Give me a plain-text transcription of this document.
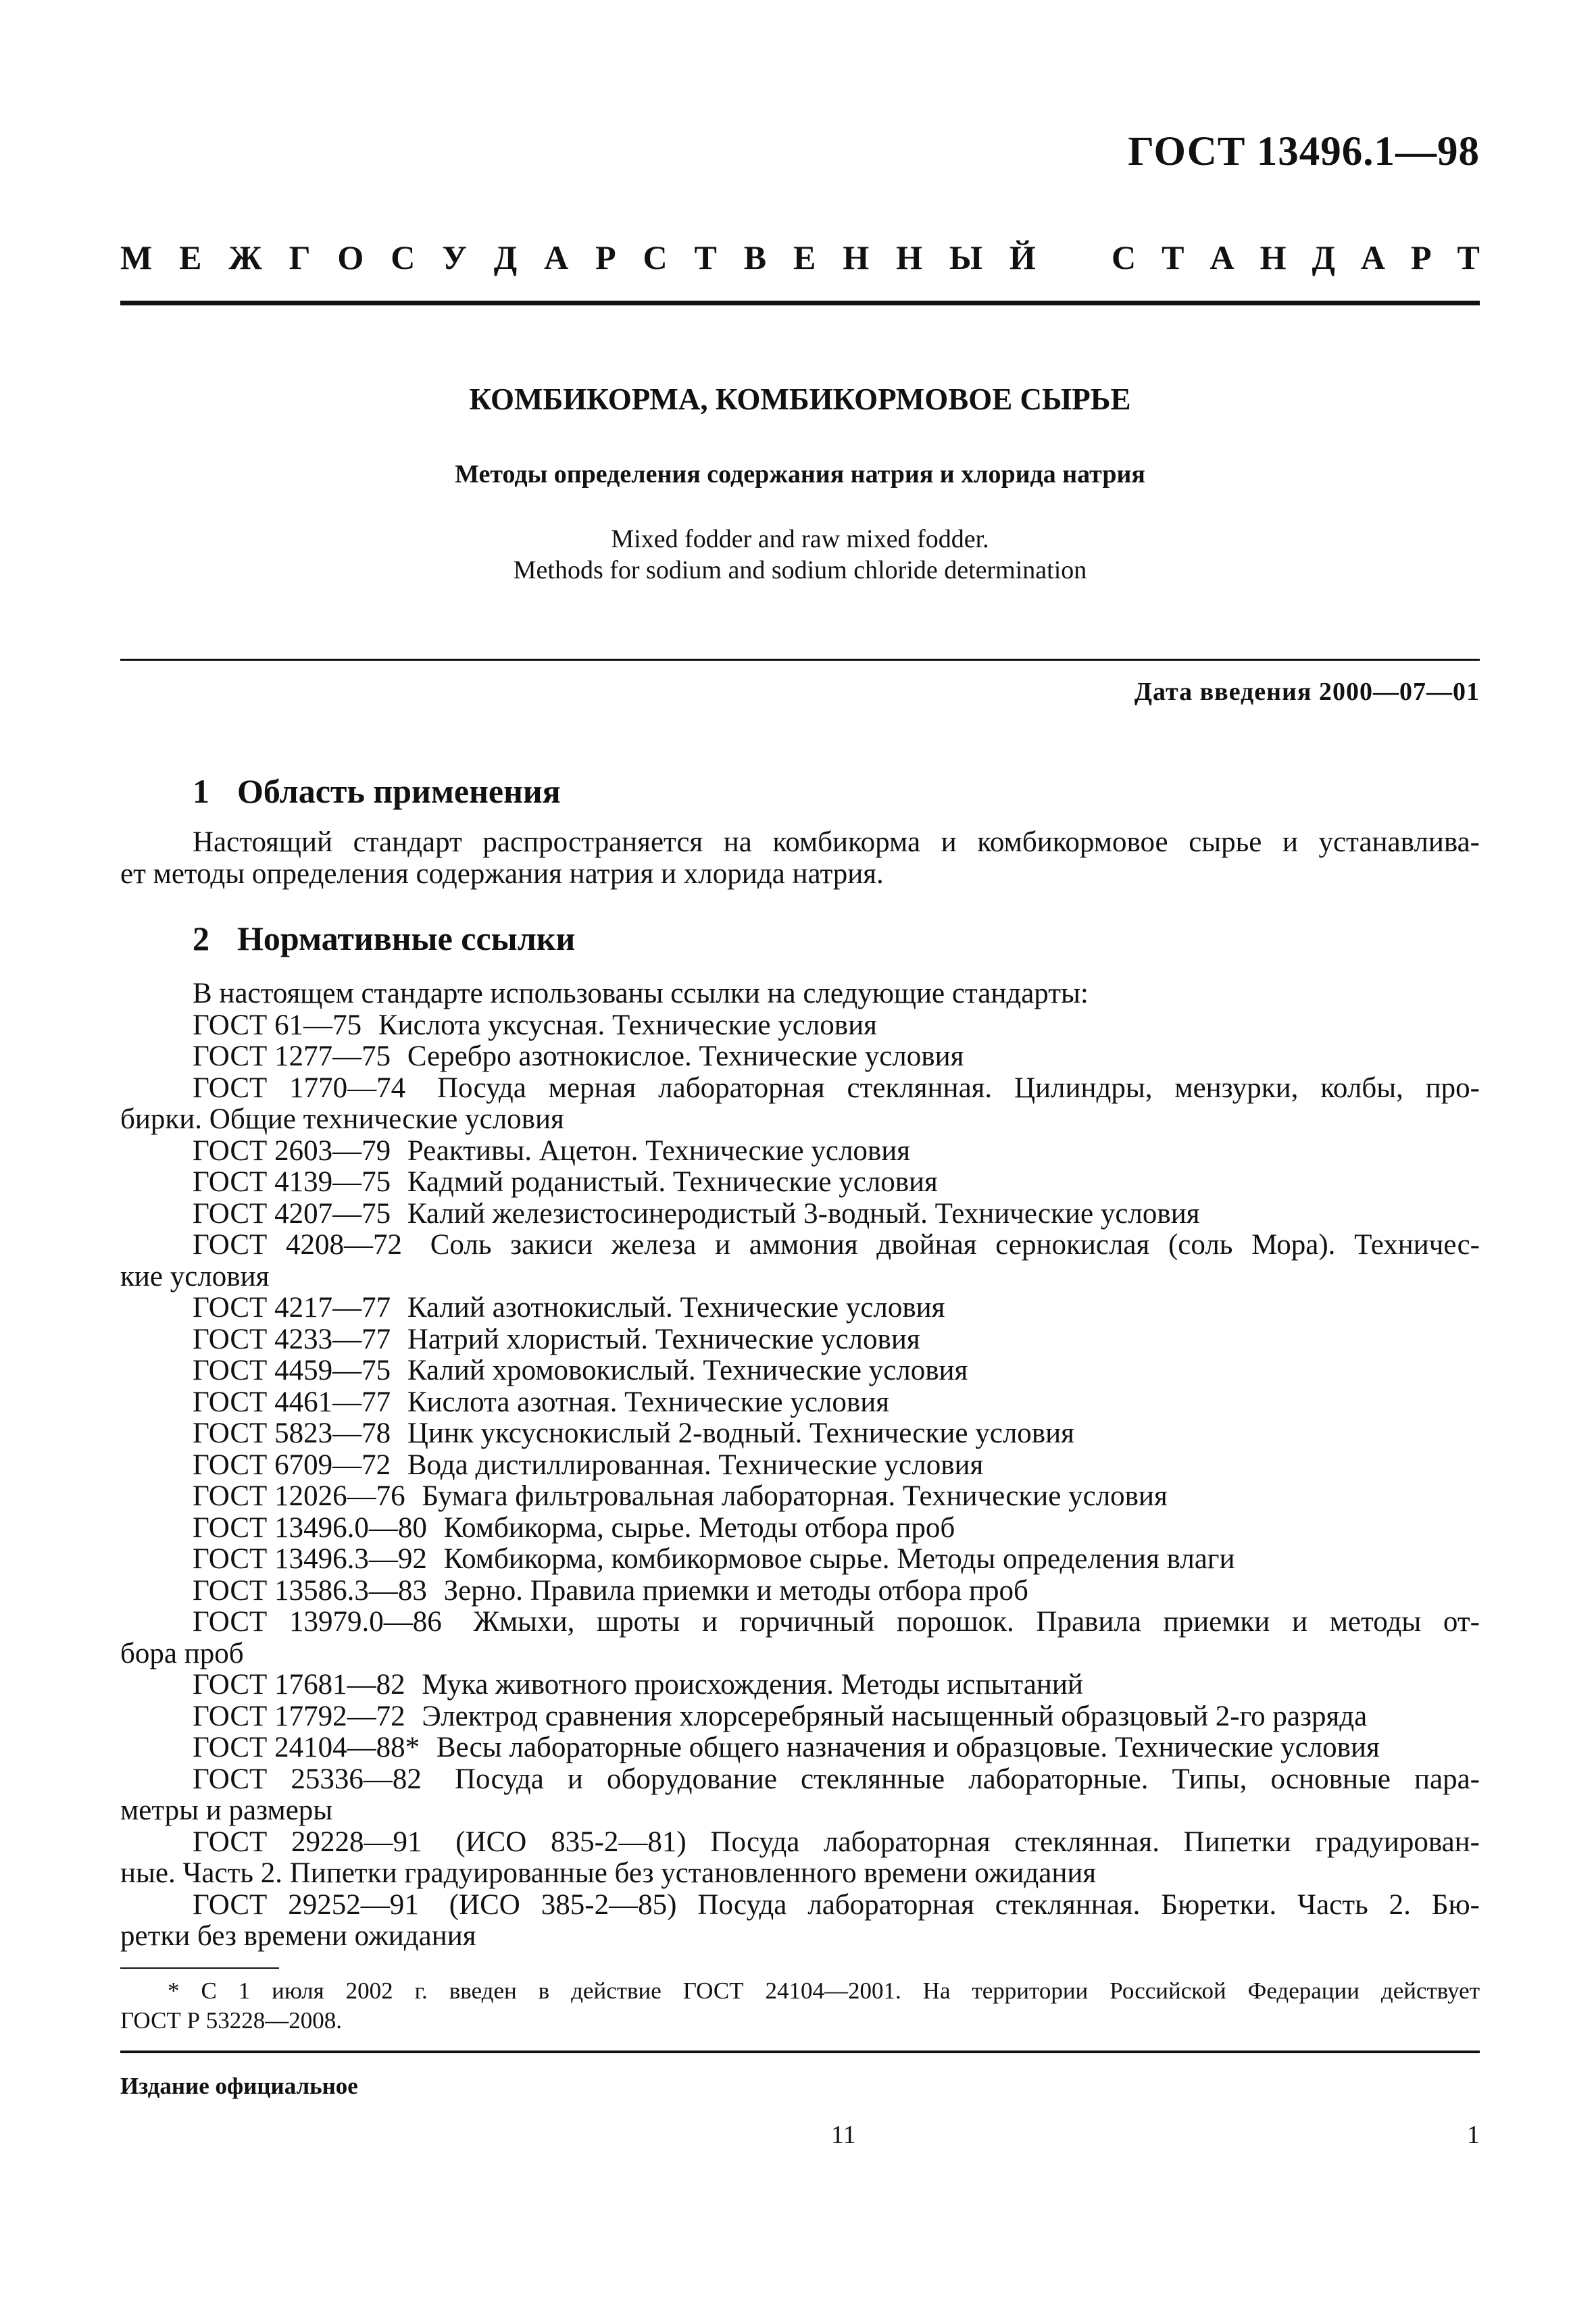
ГОСТ 13496.1—98
М Е Ж Г О С У Д А Р С Т В Е Н Н Ы Й С Т А Н Д А Р Т
КОМБИКОРМА, КОМБИКОРМОВОЕ СЫРЬЕ
Методы определения содержания натрия и хлорида натрия
Mixed fodder and raw mixed fodder.
Methods for sodium and sodium chloride determination
Дата введения 2000—07—01
1 Область применения
Настоящий стандарт распространяется на комбикорма и комбикормовое сырье и устанавлива-
ет методы определения содержания натрия и хлорида натрия.
2 Нормативные ссылки
В настоящем стандарте использованы ссылки на следующие стандарты:
ГОСТ 61—75 Кислота уксусная. Технические условия
ГОСТ 1277—75 Серебро азотнокислое. Технические условия
ГОСТ 1770—74 Посуда мерная лабораторная стеклянная. Цилиндры, мензурки, колбы, про-
бирки. Общие технические условия
ГОСТ 2603—79 Реактивы. Ацетон. Технические условия
ГОСТ 4139—75 Кадмий роданистый. Технические условия
ГОСТ 4207—75 Калий железистосинеродистый 3-водный. Технические условия
ГОСТ 4208—72 Соль закиси железа и аммония двойная сернокислая (соль Мора). Техничес-
кие условия
ГОСТ 4217—77 Калий азотнокислый. Технические условия
ГОСТ 4233—77 Натрий хлористый. Технические условия
ГОСТ 4459—75 Калий хромовокислый. Технические условия
ГОСТ 4461—77 Кислота азотная. Технические условия
ГОСТ 5823—78 Цинк уксуснокислый 2-водный. Технические условия
ГОСТ 6709—72 Вода дистиллированная. Технические условия
ГОСТ 12026—76 Бумага фильтровальная лабораторная. Технические условия
ГОСТ 13496.0—80 Комбикорма, сырье. Методы отбора проб
ГОСТ 13496.3—92 Комбикорма, комбикормовое сырье. Методы определения влаги
ГОСТ 13586.3—83 Зерно. Правила приемки и методы отбора проб
ГОСТ 13979.0—86 Жмыхи, шроты и горчичный порошок. Правила приемки и методы от-
бора проб
ГОСТ 17681—82 Мука животного происхождения. Методы испытаний
ГОСТ 17792—72 Электрод сравнения хлорсеребряный насыщенный образцовый 2-го разряда
ГОСТ 24104—88* Весы лабораторные общего назначения и образцовые. Технические условия
ГОСТ 25336—82 Посуда и оборудование стеклянные лабораторные. Типы, основные пара-
метры и размеры
ГОСТ 29228—91 (ИСО 835-2—81) Посуда лабораторная стеклянная. Пипетки градуирован-
ные. Часть 2. Пипетки градуированные без установленного времени ожидания
ГОСТ 29252—91 (ИСО 385-2—85) Посуда лабораторная стеклянная. Бюретки. Часть 2. Бю-
ретки без времени ожидания
* С 1 июля 2002 г. введен в действие ГОСТ 24104—2001. На территории Российской Федерации действует
ГОСТ Р 53228—2008.
Издание официальное
11	1
